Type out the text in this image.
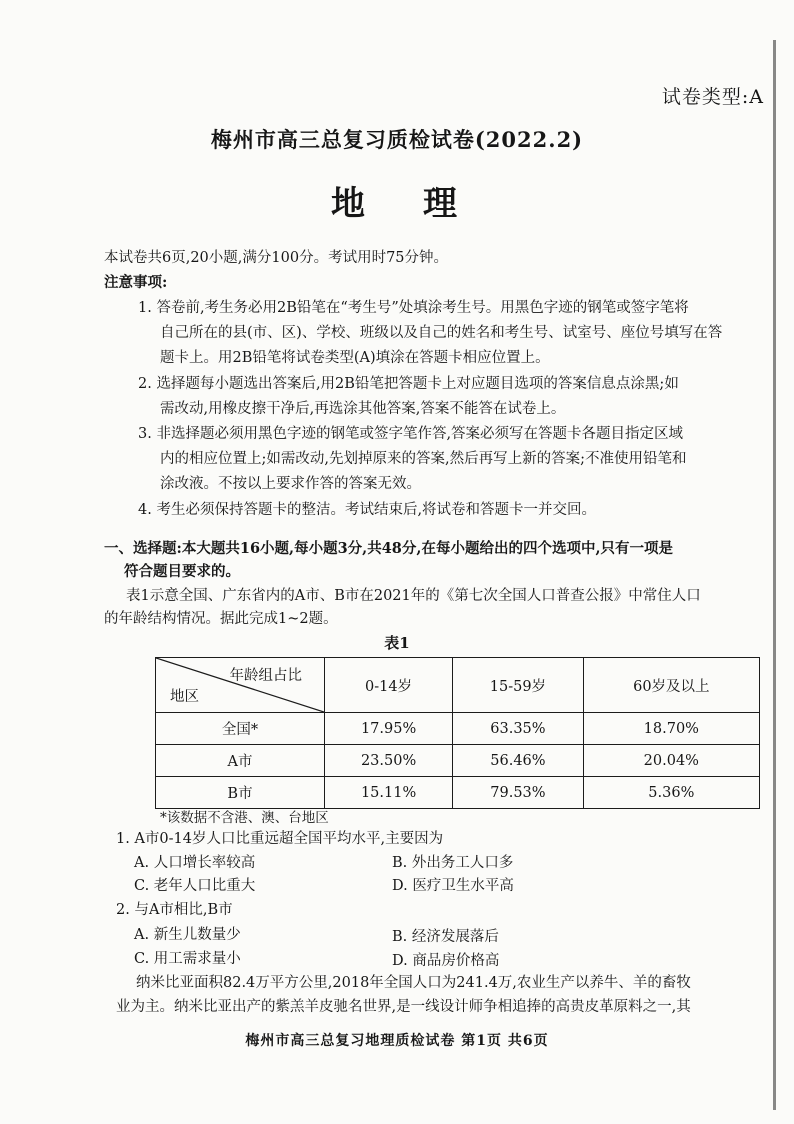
试卷类型:A
梅州市高三总复习质检试卷(2022.2)
地 理
本试卷共6页,20小题,满分100分。考试用时75分钟。
注意事项:
1. 答卷前,考生务必用2B铅笔在“考生号”处填涂考生号。用黑色字迹的钢笔或签字笔将
自己所在的县(市、区)、学校、班级以及自己的姓名和考生号、试室号、座位号填写在答
题卡上。用2B铅笔将试卷类型(A)填涂在答题卡相应位置上。
2. 选择题每小题选出答案后,用2B铅笔把答题卡上对应题目选项的答案信息点涂黑;如
需改动,用橡皮擦干净后,再选涂其他答案,答案不能答在试卷上。
3. 非选择题必须用黑色字迹的钢笔或签字笔作答,答案必须写在答题卡各题目指定区域
内的相应位置上;如需改动,先划掉原来的答案,然后再写上新的答案;不准使用铅笔和
涂改液。不按以上要求作答的答案无效。
4. 考生必须保持答题卡的整洁。考试结束后,将试卷和答题卡一并交回。
一、选择题:本大题共16小题,每小题3分,共48分,在每小题给出的四个选项中,只有一项是
符合题目要求的。
表1示意全国、广东省内的A市、B市在2021年的《第七次全国人口普查公报》中常住人口
的年龄结构情况。据此完成1~2题。
表1
年龄组占比
地区	0-14岁	15-59岁	60岁及以上
全国*	17.95%	63.35%	18.70%
A市	23.50%	56.46%	20.04%
B市	15.11%	79.53%	5.36%
*该数据不含港、澳、台地区
1. A市0-14岁人口比重远超全国平均水平,主要因为
A. 人口增长率较高	B. 外出务工人口多
C. 老年人口比重大	D. 医疗卫生水平高
2. 与A市相比,B市
A. 新生儿数量少	B. 经济发展落后
C. 用工需求量小	D. 商品房价格高
纳米比亚面积82.4万平方公里,2018年全国人口为241.4万,农业生产以养牛、羊的畜牧
业为主。纳米比亚出产的紫羔羊皮驰名世界,是一线设计师争相追捧的高贵皮革原料之一,其
梅州市高三总复习地理质检试卷 第1页 共6页
